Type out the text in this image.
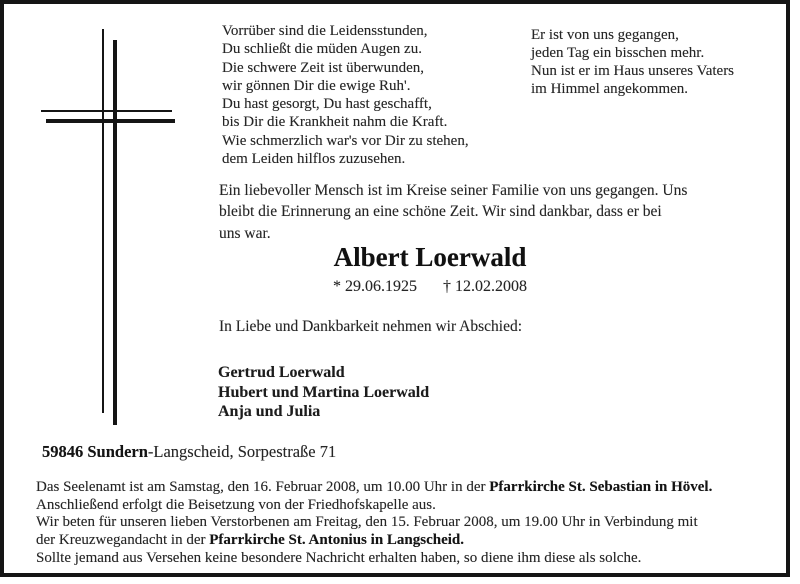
Vorrüber sind die Leidensstunden,
Du schließt die müden Augen zu.
Die schwere Zeit ist überwunden,
wir gönnen Dir die ewige Ruh'.
Du hast gesorgt, Du hast geschafft,
bis Dir die Krankheit nahm die Kraft.
Wie schmerzlich war's vor Dir zu stehen,
dem Leiden hilflos zuzusehen.
Er ist von uns gegangen,
jeden Tag ein bisschen mehr.
Nun ist er im Haus unseres Vaters
im Himmel angekommen.
Ein liebevoller Mensch ist im Kreise seiner Familie von uns gegangen. Uns
bleibt die Erinnerung an eine schöne Zeit. Wir sind dankbar, dass er bei
uns war.
Albert Loerwald
* 29.06.1925 † 12.02.2008
In Liebe und Dankbarkeit nehmen wir Abschied:
Gertrud Loerwald
Hubert und Martina Loerwald
Anja und Julia
59846 Sundern-Langscheid, Sorpestraße 71
Das Seelenamt ist am Samstag, den 16. Februar 2008, um 10.00 Uhr in der Pfarrkirche St. Sebastian in Hövel.
Anschließend erfolgt die Beisetzung von der Friedhofskapelle aus.
Wir beten für unseren lieben Verstorbenen am Freitag, den 15. Februar 2008, um 19.00 Uhr in Verbindung mit
der Kreuzwegandacht in der Pfarrkirche St. Antonius in Langscheid.
Sollte jemand aus Versehen keine besondere Nachricht erhalten haben, so diene ihm diese als solche.
